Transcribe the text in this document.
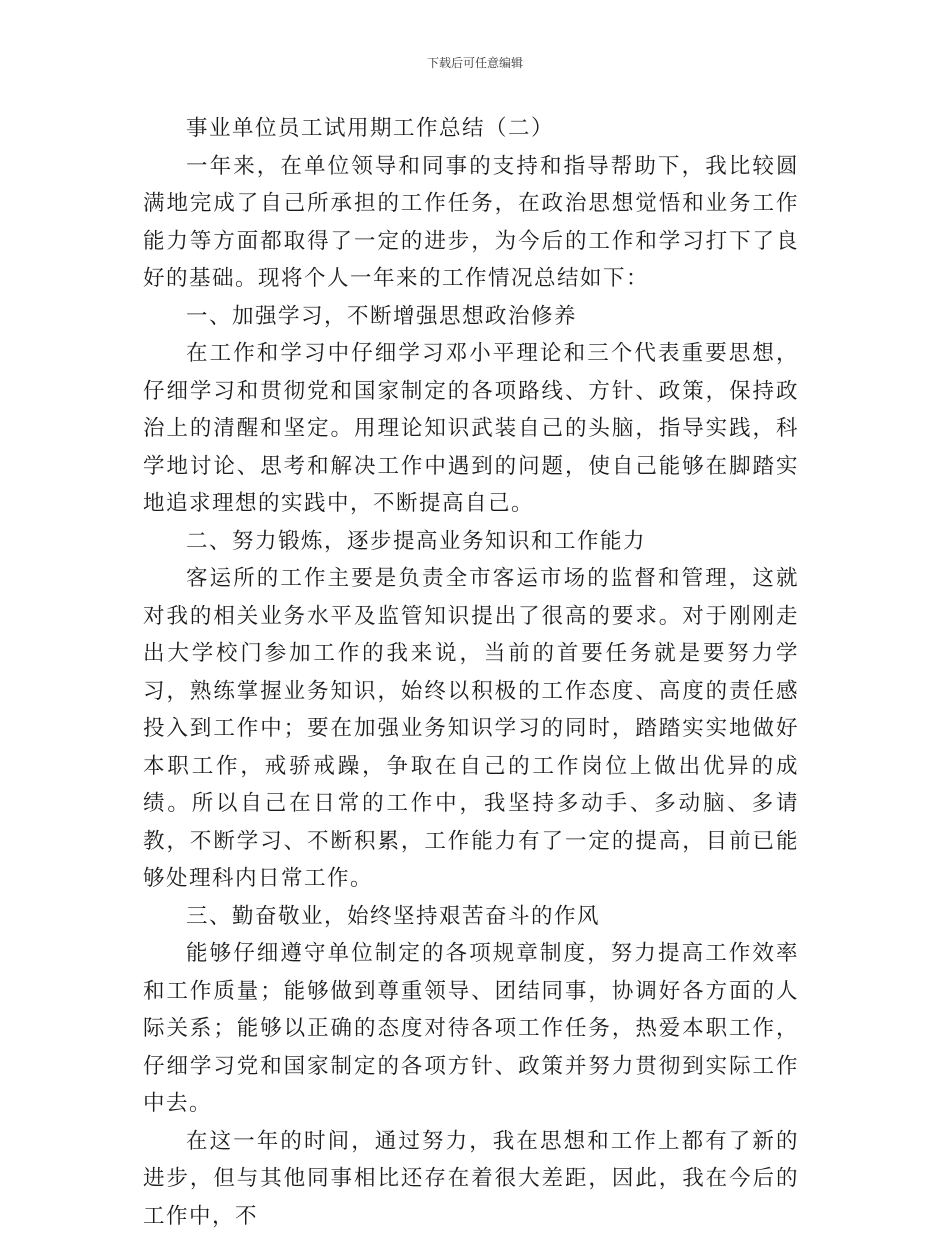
下载后可任意编辑

事业单位员工试用期工作总结（二）

一年来，在单位领导和同事的支持和指导帮助下，我比较圆满地完成了自己所承担的工作任务，在政治思想觉悟和业务工作能力等方面都取得了一定的进步，为今后的工作和学习打下了良好的基础。现将个人一年来的工作情况总结如下：

一、加强学习，不断增强思想政治修养

在工作和学习中仔细学习邓小平理论和三个代表重要思想，仔细学习和贯彻党和国家制定的各项路线、方针、政策，保持政治上的清醒和坚定。用理论知识武装自己的头脑，指导实践，科学地讨论、思考和解决工作中遇到的问题，使自己能够在脚踏实地追求理想的实践中，不断提高自己。

二、努力锻炼，逐步提高业务知识和工作能力

客运所的工作主要是负责全市客运市场的监督和管理，这就对我的相关业务水平及监管知识提出了很高的要求。对于刚刚走出大学校门参加工作的我来说，当前的首要任务就是要努力学习，熟练掌握业务知识，始终以积极的工作态度、高度的责任感投入到工作中；要在加强业务知识学习的同时，踏踏实实地做好本职工作，戒骄戒躁，争取在自己的工作岗位上做出优异的成绩。所以自己在日常的工作中，我坚持多动手、多动脑、多请教，不断学习、不断积累，工作能力有了一定的提高，目前已能够处理科内日常工作。

三、勤奋敬业，始终坚持艰苦奋斗的作风

能够仔细遵守单位制定的各项规章制度，努力提高工作效率和工作质量；能够做到尊重领导、团结同事，协调好各方面的人际关系；能够以正确的态度对待各项工作任务，热爱本职工作，仔细学习党和国家制定的各项方针、政策并努力贯彻到实际工作中去。

在这一年的时间，通过努力，我在思想和工作上都有了新的进步，但与其他同事相比还存在着很大差距，因此，我在今后的工作中，不
